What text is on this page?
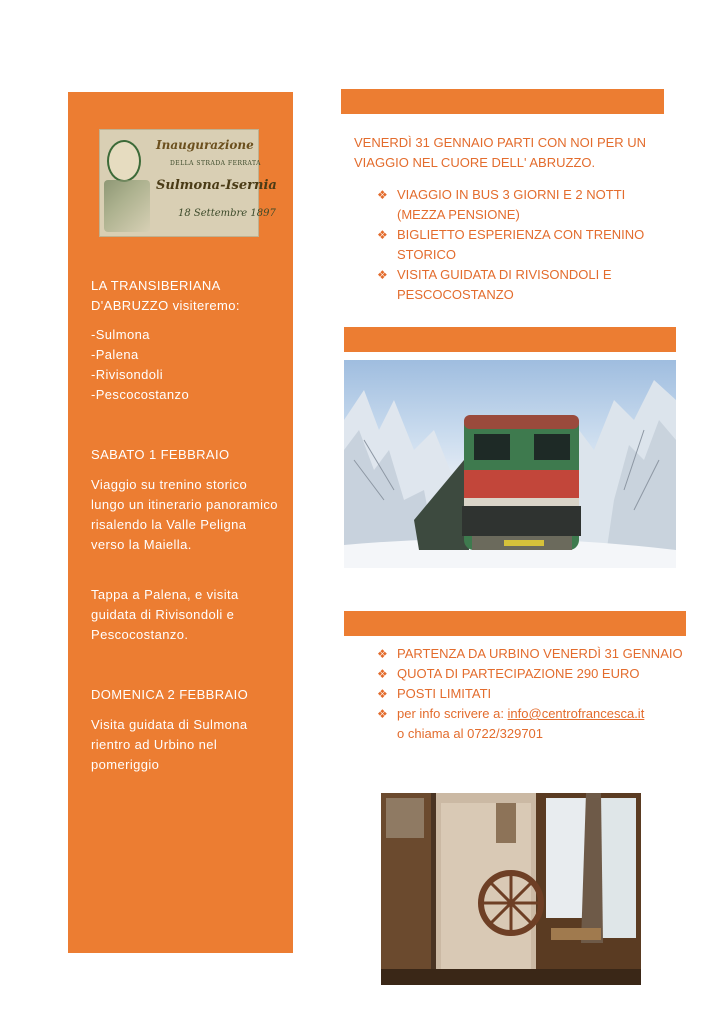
Inaugurazione
DELLA STRADA FERRATA
Sulmona-Isernia
18 Settembre 1897

LA TRANSIBERIANA

D'ABRUZZO visiteremo:

-Sulmona

-Palena

-Rivisondoli

-Pescocostanzo

SABATO 1 FEBBRAIO
Viaggio su trenino storico lungo un itinerario panoramico risalendo la Valle Peligna verso la Maiella.
Tappa a Palena, e visita guidata di Rivisondoli e Pescocostanzo.
DOMENICA 2 FEBBRAIO
Visita guidata di Sulmona rientro ad Urbino nel pomeriggio
VENERDÌ 31 GENNAIO PARTI CON NOI PER UN VIAGGIO NEL CUORE DELL' ABRUZZO.
❖ VIAGGIO IN BUS 3 GIORNI E 2 NOTTI (MEZZA PENSIONE)
❖ BIGLIETTO ESPERIENZA CON TRENINO STORICO
❖ VISITA GUIDATA DI RIVISONDOLI E PESCOCOSTANZO
❖ PARTENZA DA URBINO VENERDÌ 31 GENNAIO
❖ QUOTA DI PARTECIPAZIONE 290 EURO
❖ POSTI LIMITATI
❖ per info scrivere a: info@centrofrancesca.it
o chiama al 0722/329701
